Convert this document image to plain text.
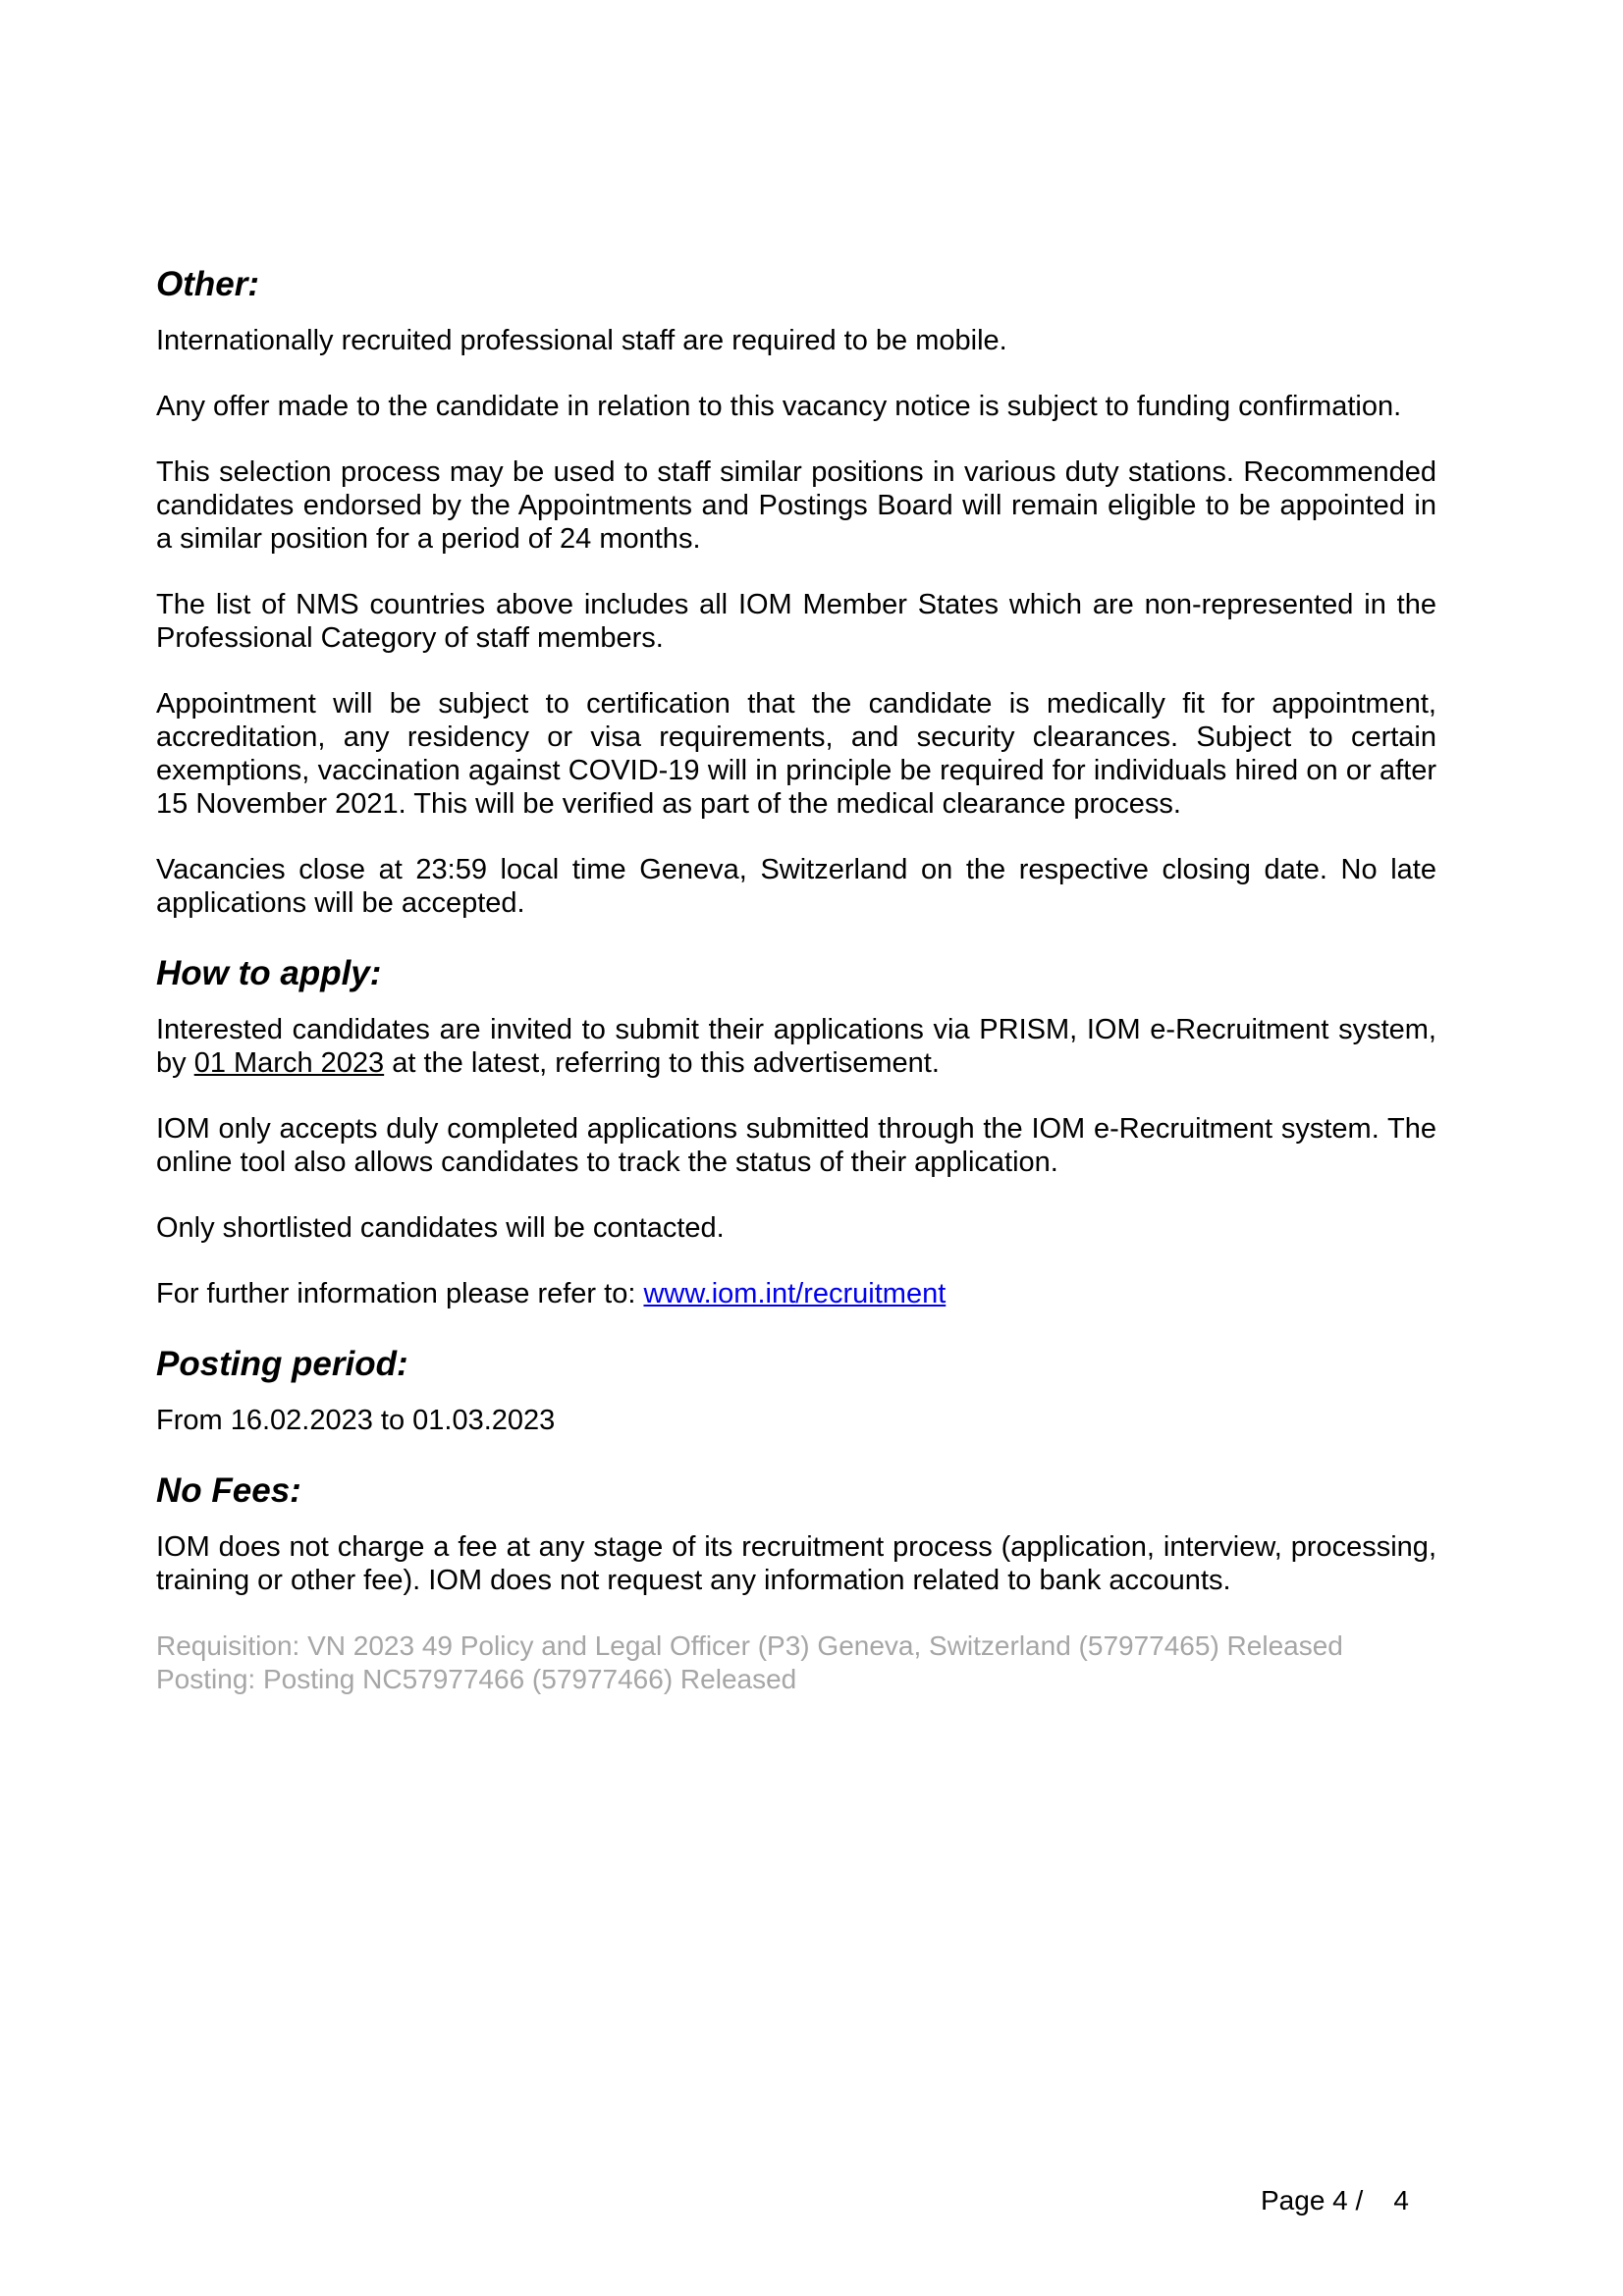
Other:

Internationally recruited professional staff are required to be mobile.

Any offer made to the candidate in relation to this vacancy notice is subject to funding confirmation.

This selection process may be used to staff similar positions in various duty stations. Recommended candidates endorsed by the Appointments and Postings Board will remain eligible to be appointed in a similar position for a period of 24 months.

The list of NMS countries above includes all IOM Member States which are non-represented in the Professional Category of staff members.

Appointment will be subject to certification that the candidate is medically fit for appointment, accreditation, any residency or visa requirements, and security clearances. Subject to certain exemptions, vaccination against COVID-19 will in principle be required for individuals hired on or after 15 November 2021. This will be verified as part of the medical clearance process.

Vacancies close at 23:59 local time Geneva, Switzerland on the respective closing date. No late applications will be accepted.

How to apply:

Interested candidates are invited to submit their applications via PRISM, IOM e-Recruitment system, by 01 March 2023 at the latest, referring to this advertisement.

IOM only accepts duly completed applications submitted through the IOM e-Recruitment system. The online tool also allows candidates to track the status of their application.

Only shortlisted candidates will be contacted.

For further information please refer to: www.iom.int/recruitment

Posting period:

From 16.02.2023 to 01.03.2023

No Fees:

IOM does not charge a fee at any stage of its recruitment process (application, interview, processing, training or other fee). IOM does not request any information related to bank accounts.

Requisition: VN 2023 49 Policy and Legal Officer (P3) Geneva, Switzerland (57977465) Released
Posting: Posting NC57977466 (57977466) Released
Page 4 /    4
